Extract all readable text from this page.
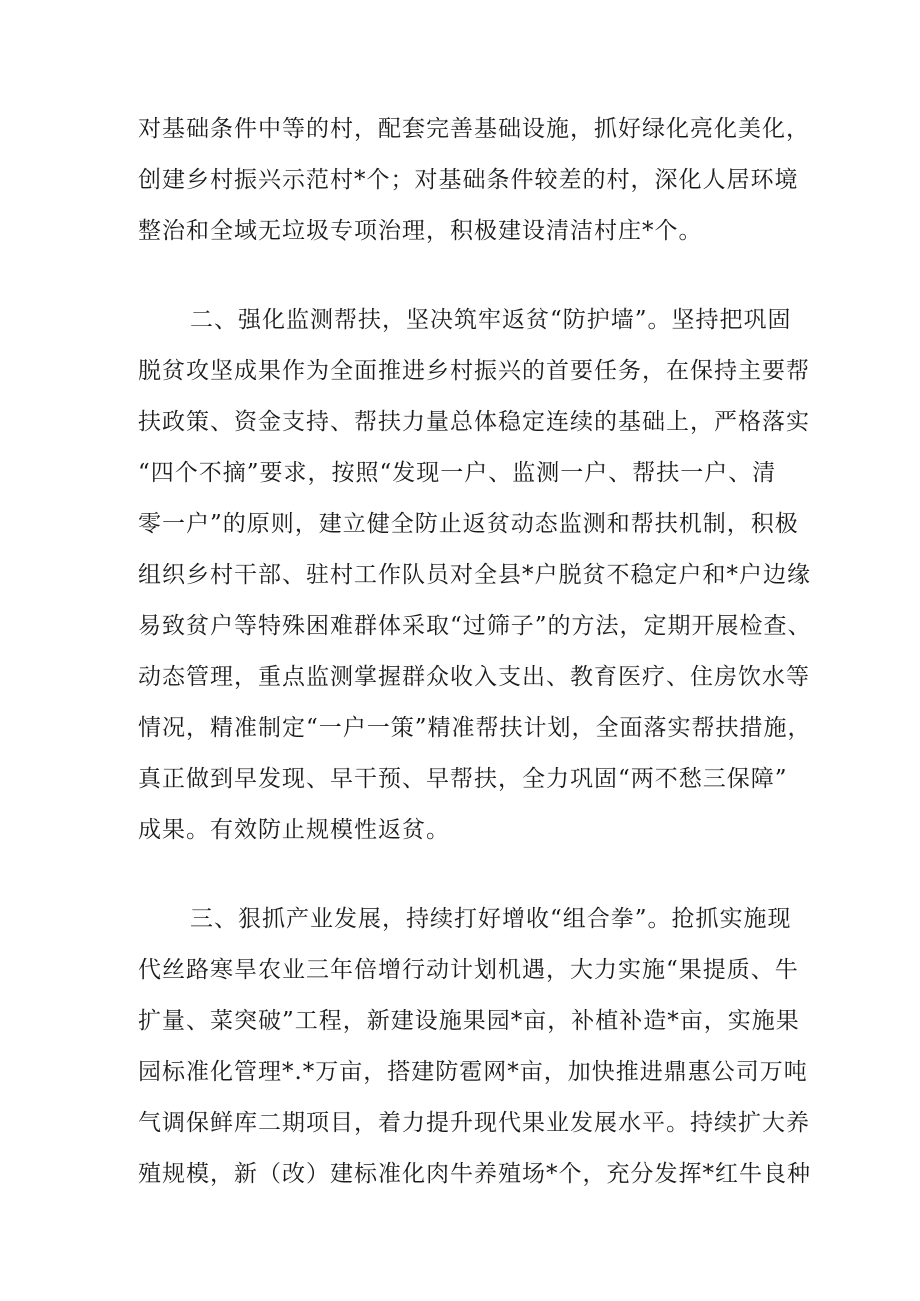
对基础条件中等的村，配套完善基础设施，抓好绿化亮化美化，
创建乡村振兴示范村*个；对基础条件较差的村，深化人居环境
整治和全域无垃圾专项治理，积极建设清洁村庄*个。
二、强化监测帮扶，坚决筑牢返贫“防护墙”。坚持把巩固
脱贫攻坚成果作为全面推进乡村振兴的首要任务，在保持主要帮
扶政策、资金支持、帮扶力量总体稳定连续的基础上，严格落实
“四个不摘”要求，按照“发现一户、监测一户、帮扶一户、清
零一户”的原则，建立健全防止返贫动态监测和帮扶机制，积极
组织乡村干部、驻村工作队员对全县*户脱贫不稳定户和*户边缘
易致贫户等特殊困难群体采取“过筛子”的方法，定期开展检查、
动态管理，重点监测掌握群众收入支出、教育医疗、住房饮水等
情况，精准制定“一户一策”精准帮扶计划，全面落实帮扶措施，
真正做到早发现、早干预、早帮扶，全力巩固“两不愁三保障”
成果。有效防止规模性返贫。
三、狠抓产业发展，持续打好增收“组合拳”。抢抓实施现
代丝路寒旱农业三年倍增行动计划机遇，大力实施“果提质、牛
扩量、菜突破”工程，新建设施果园*亩，补植补造*亩，实施果
园标准化管理*.*万亩，搭建防雹网*亩，加快推进鼎惠公司万吨
气调保鲜库二期项目，着力提升现代果业发展水平。持续扩大养
殖规模，新（改）建标准化肉牛养殖场*个，充分发挥*红牛良种
